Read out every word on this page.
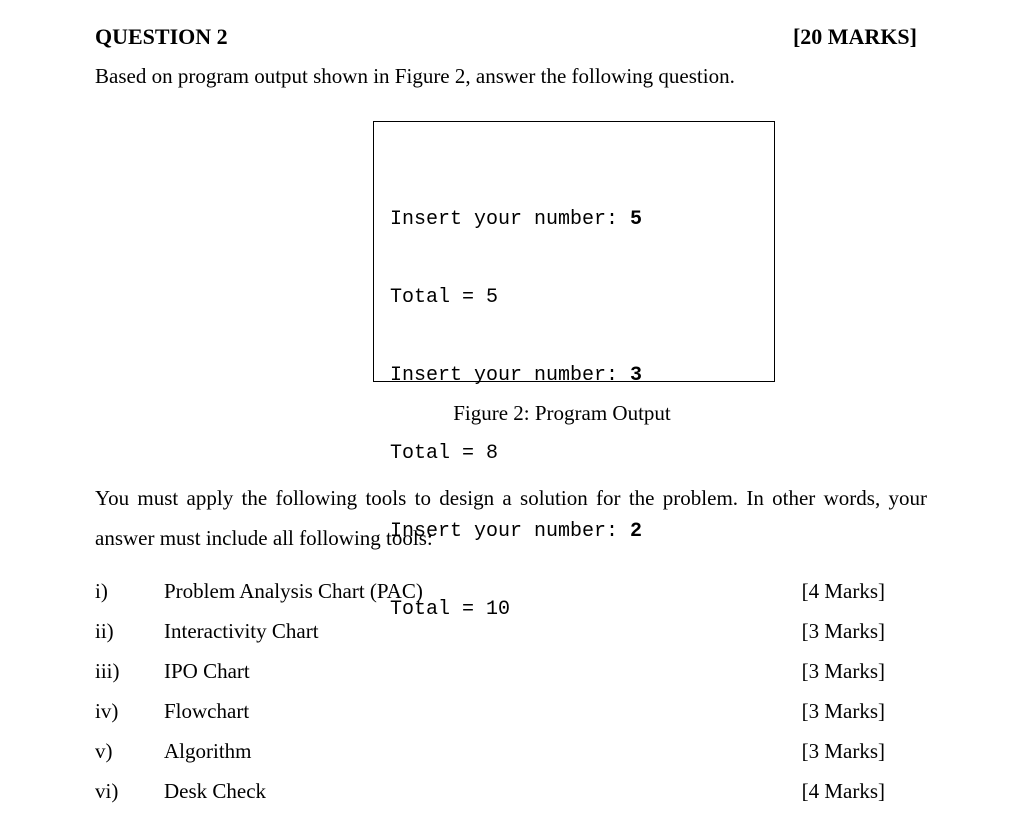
QUESTION 2	[20 MARKS]
Based on program output shown in Figure 2, answer the following question.

Insert your number: 5

Total = 5

Insert your number: 3

Total = 8

Insert your number: 2

Total = 10

Figure 2: Program Output
You must apply the following tools to design a solution for the problem. In other words, your answer must include all following tools:
i)	Problem Analysis Chart (PAC)	[4 Marks]
ii) Interactivity Chart	[3 Marks]
iii) IPO Chart	[3 Marks]
iv) Flowchart	[3 Marks]
v) Algorithm	[3 Marks]
vi) Desk Check	[4 Marks]
